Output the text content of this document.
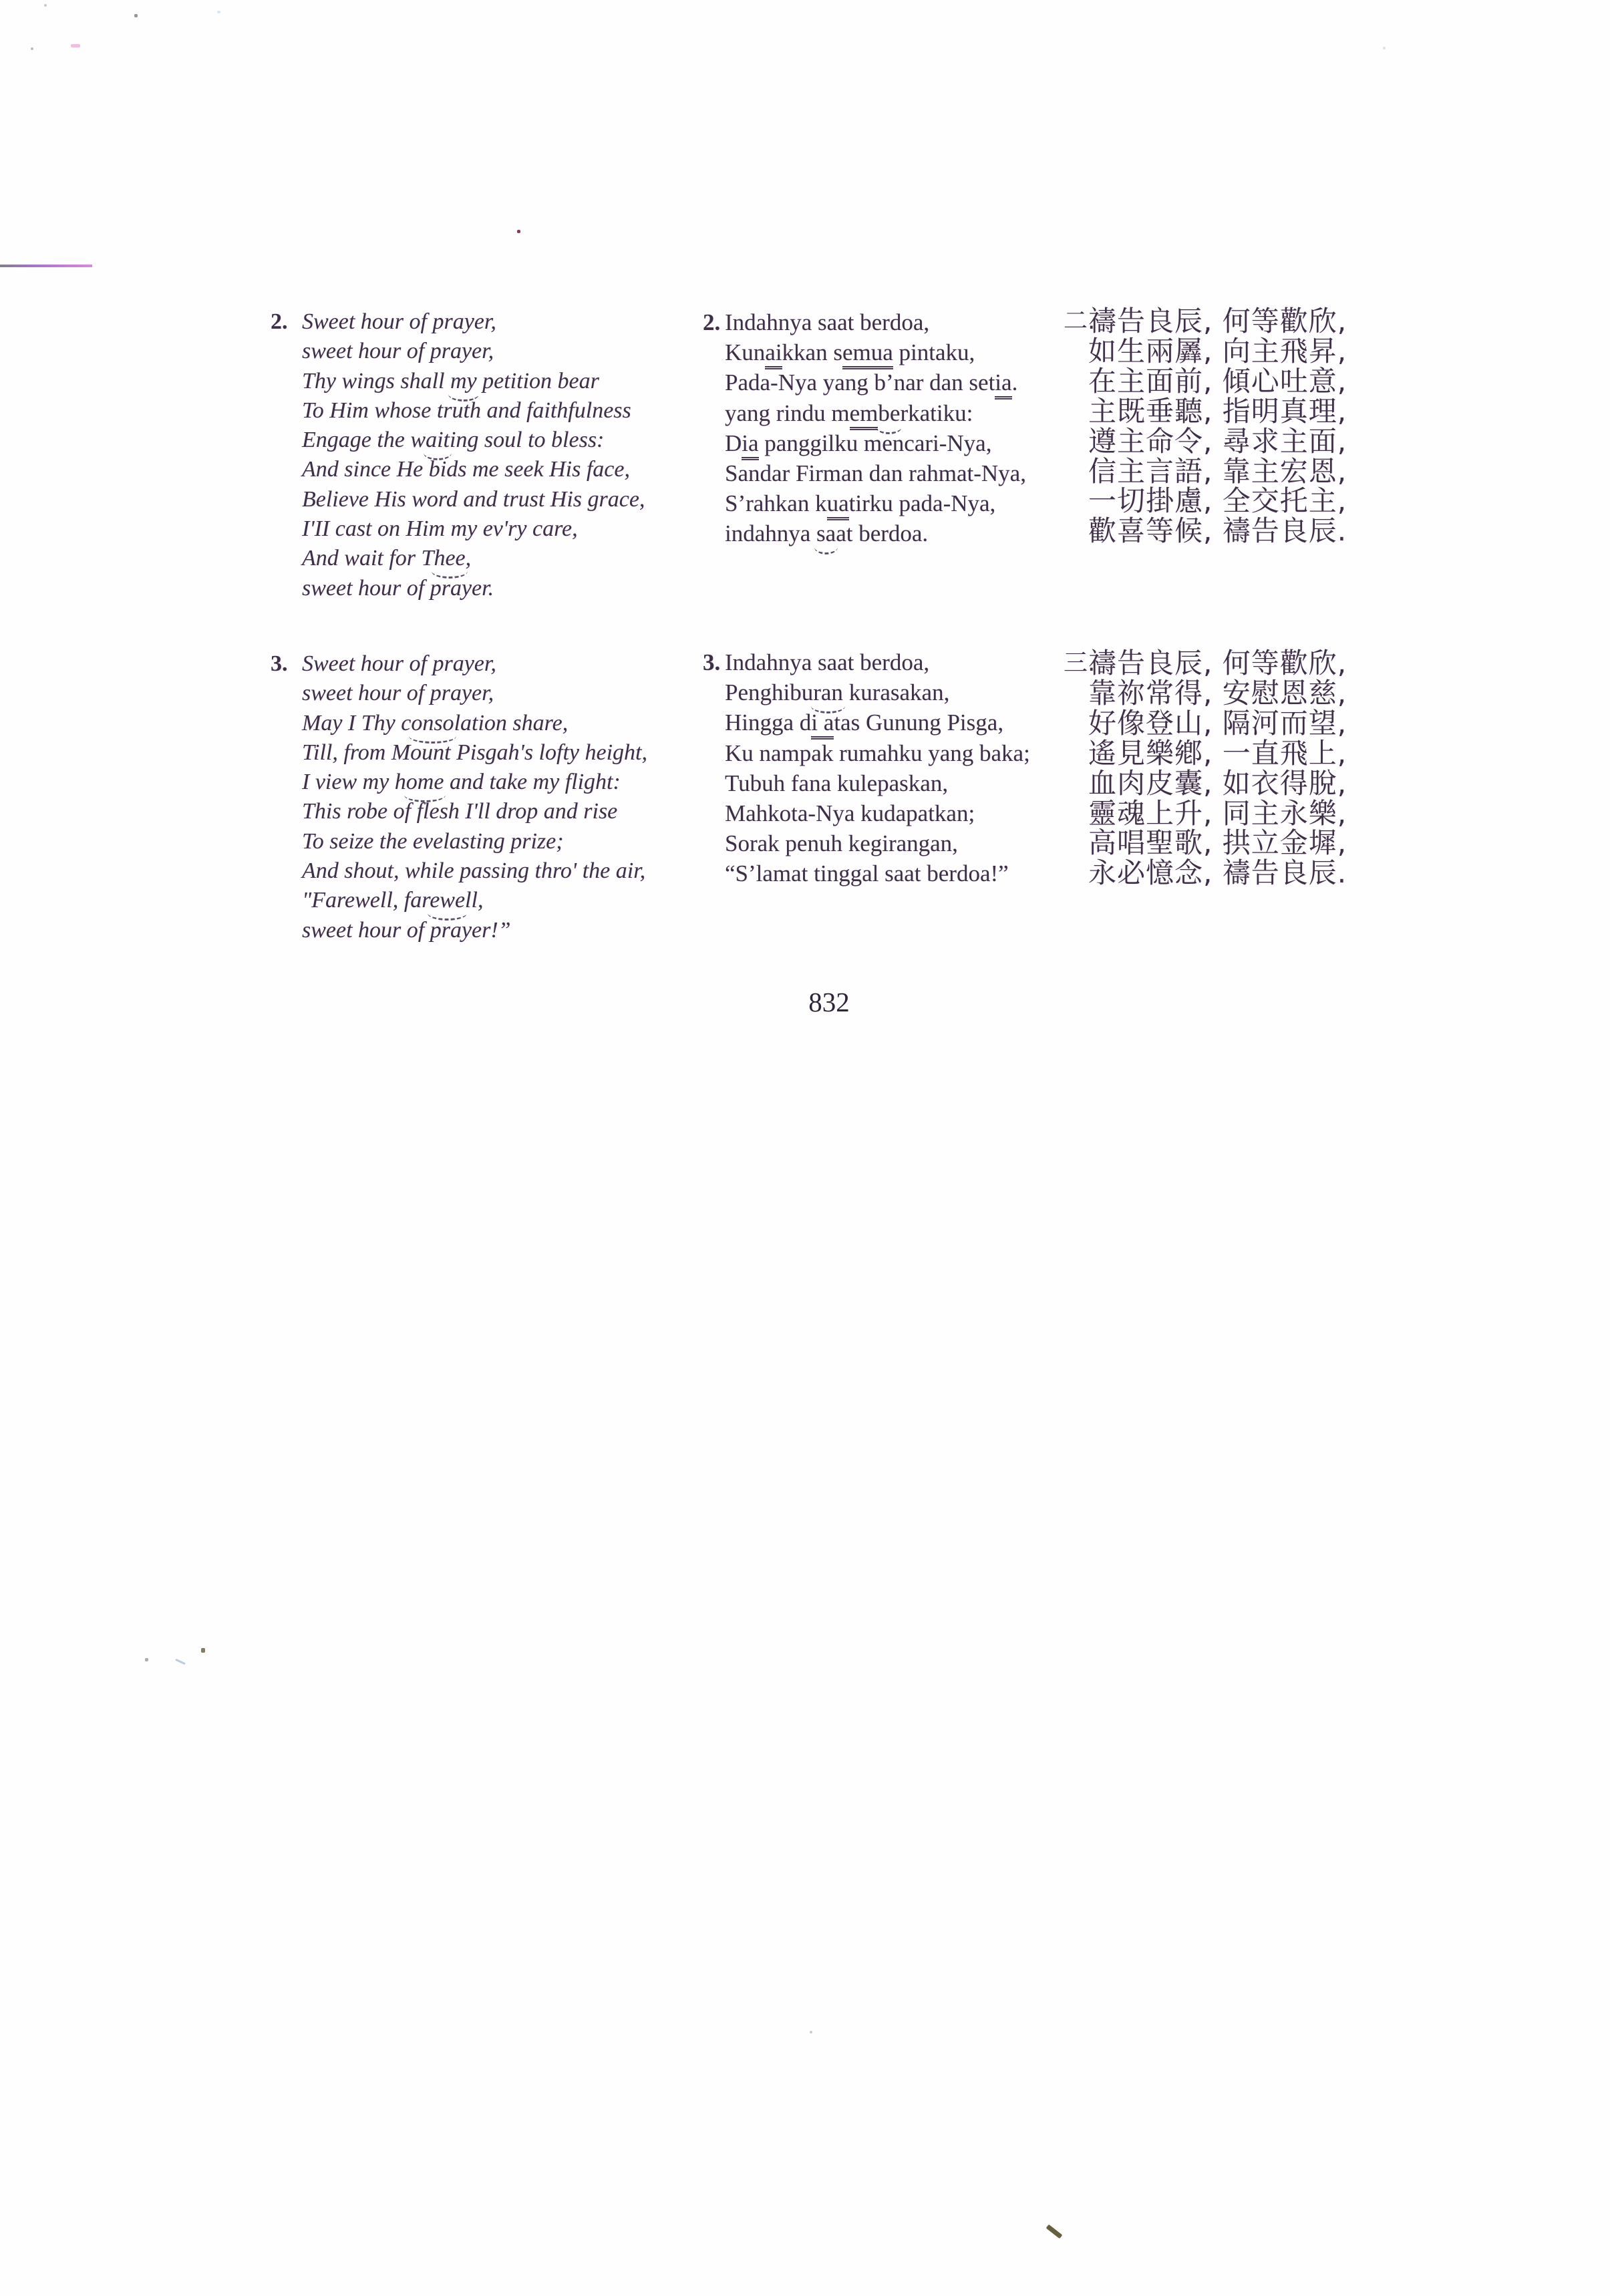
2. Sweet hour of prayer,
sweet hour of prayer,
Thy wings shall my petition bear
To Him whose truth and faithfulness
Engage the waiting soul to bless:
And since He bids me seek His face,
Believe His word and trust His grace,
I'II cast on Him my ev'ry care,
And wait for Thee,
sweet hour of prayer.
3. Sweet hour of prayer,
sweet hour of prayer,
May I Thy consolation share,
Till, from Mount Pisgah's lofty height,
I view my home and take my flight:
This robe of flesh I'll drop and rise
To seize the evelasting prize;
And shout, while passing thro' the air,
"Farewell, farewell,
sweet hour of prayer!”
2. Indahnya saat berdoa,
Kunaikkan semua pintaku,
Pada-Nya yang b’nar dan setia.
yang rindu memberkatiku:
Dia panggilku mencari-Nya,
Sandar Firman dan rahmat-Nya,
S’rahkan kuatirku pada-Nya,
indahnya saat berdoa.
3. Indahnya saat berdoa,
Penghiburan kurasakan,
Hingga di atas Gunung Pisga,
Ku nampak rumahku yang baka;
Tubuh fana kulepaskan,
Mahkota-Nya kudapatkan;
Sorak penuh kegirangan,
“S’lamat tinggal saat berdoa!”
二.
禱告良辰, 何等歡欣,
如生兩羼, 向主飛昇,
在主面前, 傾心吐意,
主既垂聽, 指明真理,
遵主命令, 尋求主面,
信主言語, 靠主宏恩,
一切掛慮, 全交托主,
歡喜等候, 禱告良辰.
三.
禱告良辰, 何等歡欣,
靠祢常得, 安慰恩慈,
好像登山, 隔河而望,
遙見樂鄕, 一直飛上,
血肉皮囊, 如衣得脫,
靈魂上升, 同主永樂,
高唱聖歌, 拱立金墀,
永必憶念, 禱告良辰.
832
